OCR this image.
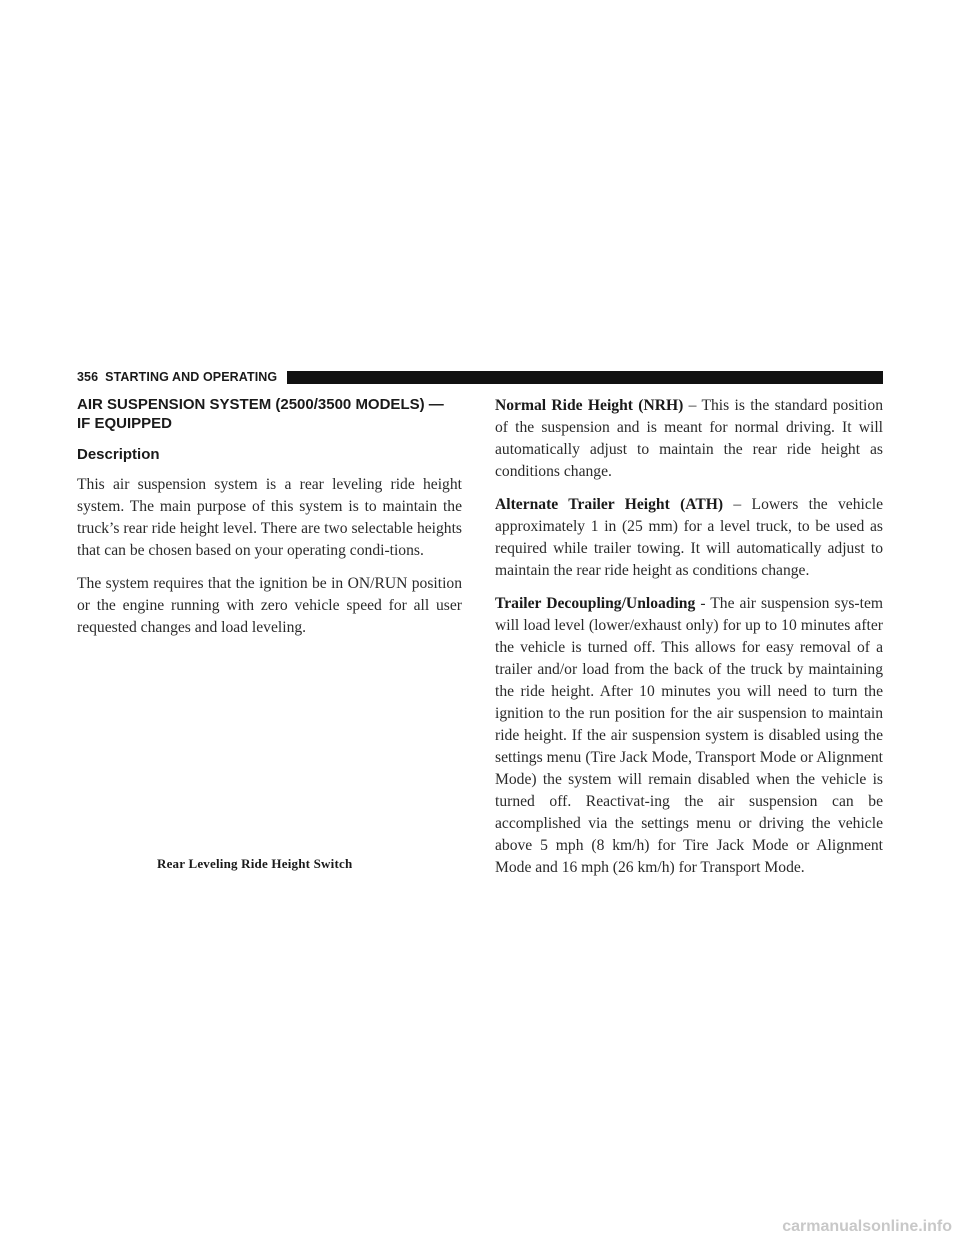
356 STARTING AND OPERATING
AIR SUSPENSION SYSTEM (2500/3500 MODELS) —
IF EQUIPPED
Description

This air suspension system is a rear leveling ride height system. The main purpose of this system is to maintain the truck’s rear ride height level. There are two selectable heights that can be chosen based on your operating condi-tions.

The system requires that the ignition be in ON/RUN position or the engine running with zero vehicle speed for all user requested changes and load leveling.

Rear Leveling Ride Height Switch

Normal Ride Height (NRH) – This is the standard position of the suspension and is meant for normal driving. It will automatically adjust to maintain the rear ride height as conditions change.

Alternate Trailer Height (ATH) – Lowers the vehicle approximately 1 in (25 mm) for a level truck, to be used as required while trailer towing. It will automatically adjust to maintain the rear ride height as conditions change.

Trailer Decoupling/Unloading - The air suspension sys-tem will load level (lower/exhaust only) for up to 10 minutes after the vehicle is turned off. This allows for easy removal of a trailer and/or load from the back of the truck by maintaining the ride height. After 10 minutes you will need to turn the ignition to the run position for the air suspension to maintain ride height. If the air suspension system is disabled using the settings menu (Tire Jack Mode, Transport Mode or Alignment Mode) the system will remain disabled when the vehicle is turned off. Reactivat-ing the air suspension can be accomplished via the settings menu or driving the vehicle above 5 mph (8 km/h) for Tire Jack Mode or Alignment Mode and 16 mph (26 km/h) for Transport Mode.

carmanualsonline.info
